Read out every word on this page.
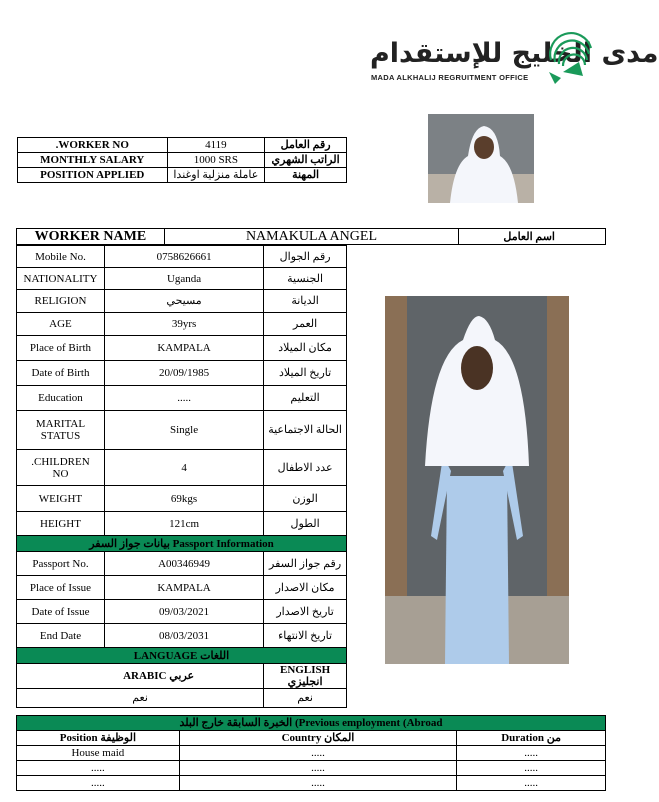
مدى الخليج للإستقدام
MADA ALKHALIJ REGRUITMENT OFFICE
.WORKER NO	4119	رقم العامل
MONTHLY SALARY	1000 SRS	الراتب الشهري
POSITION APPLIED	عاملة منزلية اوغندا	المهنة
WORKER NAME	NAMAKULA ANGEL	اسم العامل
Mobile No.	0758626661	رقم الجوال
NATIONALITY	Uganda	الجنسية
RELIGION	مسيحي	الديانة
AGE	39yrs	العمر
Place of Birth	KAMPALA	مكان الميلاد
Date of Birth	20/09/1985	تاريخ الميلاد
Education	.....	التعليم
MARITAL
STATUS	Single	الحالة الاجتماعية
.CHILDREN
NO	4	عدد الاطفال
WEIGHT	69kgs	الوزن
HEIGHT	121cm	الطول
بيانات جواز السفر Passport Information		
Passport No.	A00346949	رقم جواز السفر
Place of Issue	KAMPALA	مكان الاصدار
Date of Issue	09/03/2021	تاريخ الاصدار
End Date	08/03/2031	تاريخ الانتهاء
LANGUAGE اللغات		
ARABIC عربي		ENGLISH انجليزي
نعم		نعم
الخبرة السابقة خارج البلد (Previous employment (Abroad		
Position الوظيفة	Country المكان	Duration من
House maid	.....	.....
.....	.....	.....
.....	.....	.....
